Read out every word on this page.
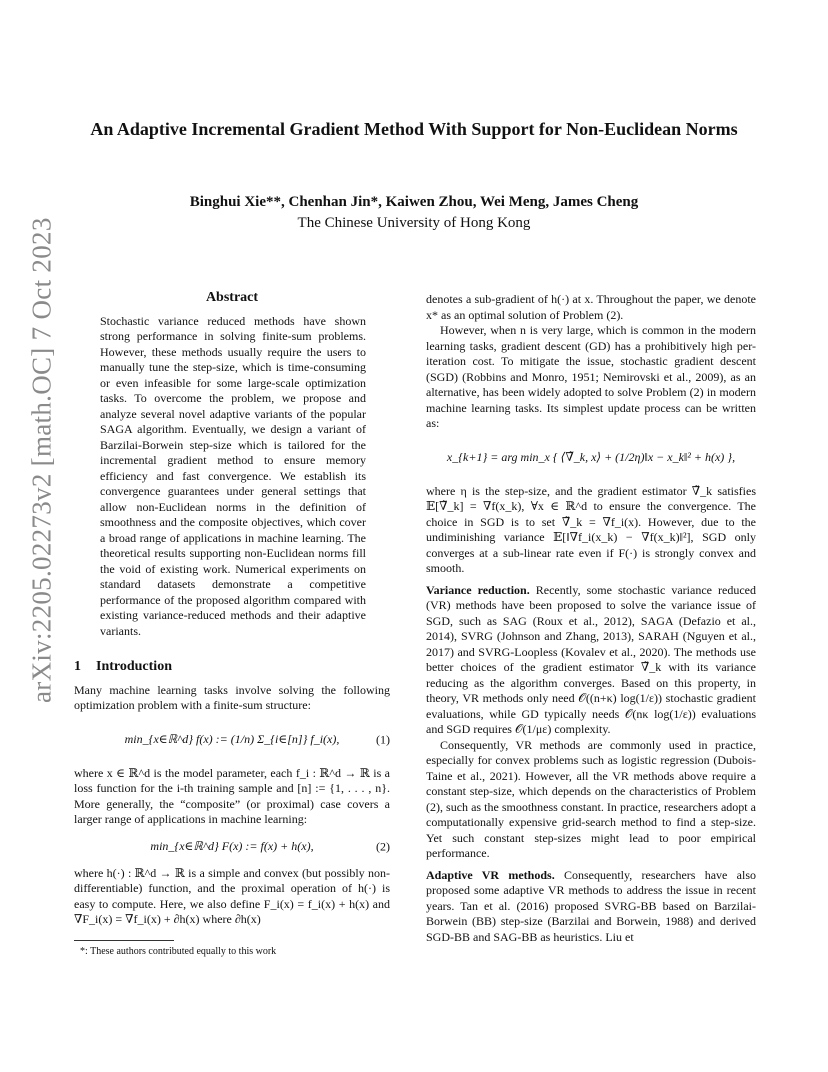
arXiv:2205.02273v2 [math.OC] 7 Oct 2023
An Adaptive Incremental Gradient Method With Support for Non-Euclidean Norms
Binghui Xie**, Chenhan Jin*, Kaiwen Zhou, Wei Meng, James Cheng
The Chinese University of Hong Kong
Abstract

Stochastic variance reduced methods have shown strong performance in solving finite-sum problems. However, these methods usually require the users to manually tune the step-size, which is time-consuming or even infeasible for some large-scale optimization tasks. To overcome the problem, we propose and analyze several novel adaptive variants of the popular SAGA algorithm. Eventually, we design a variant of Barzilai-Borwein step-size which is tailored for the incremental gradient method to ensure memory efficiency and fast convergence. We establish its convergence guarantees under general settings that allow non-Euclidean norms in the definition of smoothness and the composite objectives, which cover a broad range of applications in machine learning. The theoretical results supporting non-Euclidean norms fill the void of existing work. Numerical experiments on standard datasets demonstrate a competitive performance of the proposed algorithm compared with existing variance-reduced methods and their adaptive variants.

1 Introduction

Many machine learning tasks involve solving the following optimization problem with a finite-sum structure:

min_{x∈ℝ^d} f(x) := (1/n) Σ_{i∈[n]} f_i(x),	(1)

where x ∈ ℝ^d is the model parameter, each f_i : ℝ^d → ℝ is a loss function for the i-th training sample and [n] := {1, . . . , n}. More generally, the “composite” (or proximal) case covers a larger range of applications in machine learning:

min_{x∈ℝ^d} F(x) := f(x) + h(x),	(2)

where h(·) : ℝ^d → ℝ is a simple and convex (but possibly non-differentiable) function, and the proximal operation of h(·) is easy to compute. Here, we also define F_i(x) = f_i(x) + h(x) and ∇F_i(x) = ∇f_i(x) + ∂h(x) where ∂h(x)

*: These authors contributed equally to this work

denotes a sub-gradient of h(·) at x. Throughout the paper, we denote x* as an optimal solution of Problem (2).

However, when n is very large, which is common in the modern learning tasks, gradient descent (GD) has a prohibitively high per-iteration cost. To mitigate the issue, stochastic gradient descent (SGD) (Robbins and Monro, 1951; Nemirovski et al., 2009), as an alternative, has been widely adopted to solve Problem (2) in modern machine learning tasks. Its simplest update process can be written as:

x_{k+1} = arg min_x { ⟨∇̃_k, x⟩ + (1/2η)‖x − x_k‖² + h(x) },

where η is the step-size, and the gradient estimator ∇̃_k satisfies 𝔼[∇̃_k] = ∇f(x_k), ∀x ∈ ℝ^d to ensure the convergence. The choice in SGD is to set ∇̃_k = ∇f_i(x). However, due to the undiminishing variance 𝔼[‖∇f_i(x_k) − ∇f(x_k)‖²], SGD only converges at a sub-linear rate even if F(·) is strongly convex and smooth.

Variance reduction. Recently, some stochastic variance reduced (VR) methods have been proposed to solve the variance issue of SGD, such as SAG (Roux et al., 2012), SAGA (Defazio et al., 2014), SVRG (Johnson and Zhang, 2013), SARAH (Nguyen et al., 2017) and SVRG-Loopless (Kovalev et al., 2020). The methods use better choices of the gradient estimator ∇̃_k with its variance reducing as the algorithm converges. Based on this property, in theory, VR methods only need 𝒪((n+κ) log(1/ε)) stochastic gradient evaluations, while GD typically needs 𝒪(nκ log(1/ε)) evaluations and SGD requires 𝒪(1/με) complexity.

Consequently, VR methods are commonly used in practice, especially for convex problems such as logistic regression (Dubois-Taine et al., 2021). However, all the VR methods above require a constant step-size, which depends on the characteristics of Problem (2), such as the smoothness constant. In practice, researchers adopt a computationally expensive grid-search method to find a step-size. Yet such constant step-sizes might lead to poor empirical performance.

Adaptive VR methods. Consequently, researchers have also proposed some adaptive VR methods to address the issue in recent years. Tan et al. (2016) proposed SVRG-BB based on Barzilai-Borwein (BB) step-size (Barzilai and Borwein, 1988) and derived SGD-BB and SAG-BB as heuristics. Liu et
